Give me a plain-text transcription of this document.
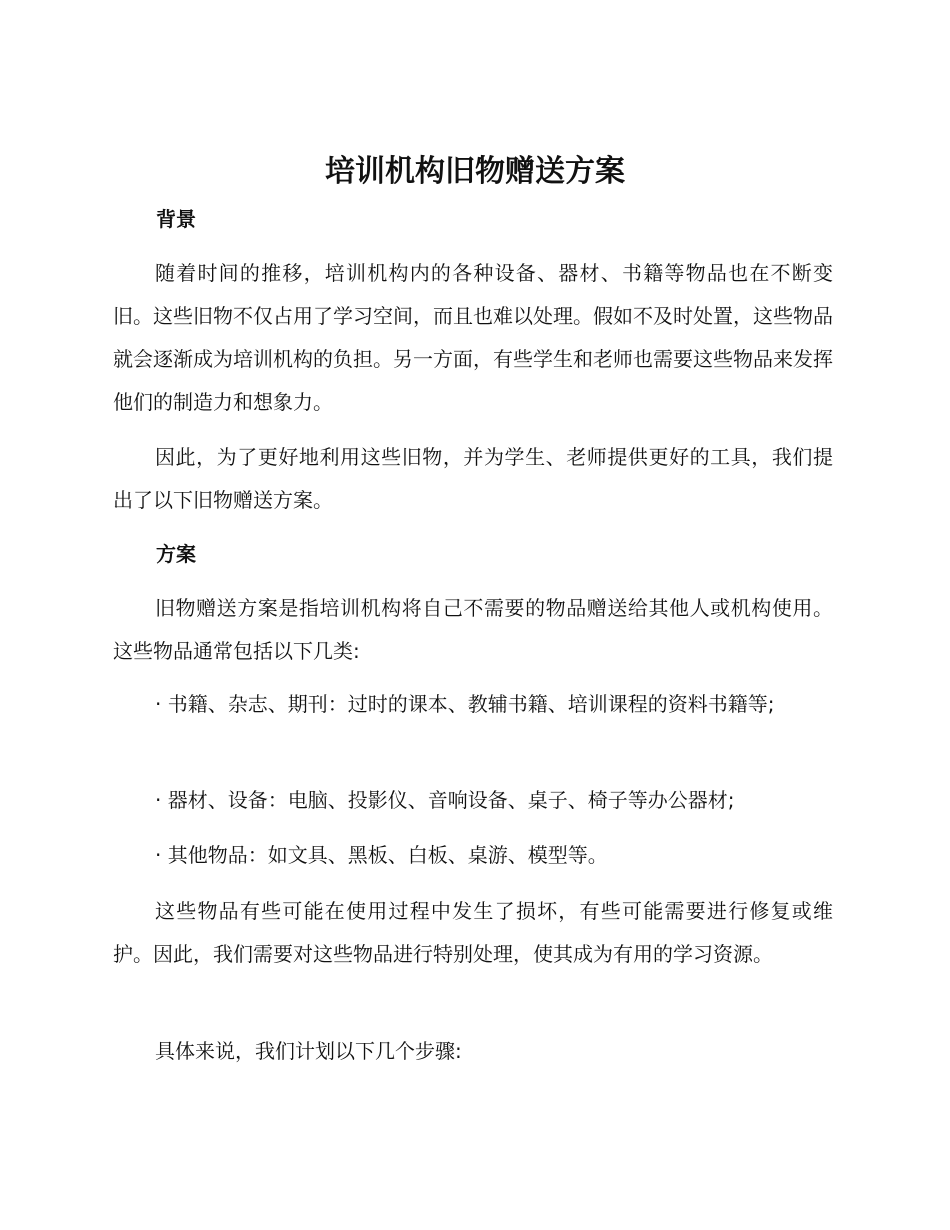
培训机构旧物赠送方案
背景

随着时间的推移，培训机构内的各种设备、器材、书籍等物品也在不断变旧。这些旧物不仅占用了学习空间，而且也难以处理。假如不及时处置，这些物品就会逐渐成为培训机构的负担。另一方面，有些学生和老师也需要这些物品来发挥他们的制造力和想象力。

因此，为了更好地利用这些旧物，并为学生、老师提供更好的工具，我们提出了以下旧物赠送方案。

方案

旧物赠送方案是指培训机构将自己不需要的物品赠送给其他人或机构使用。这些物品通常包括以下几类:

· 书籍、杂志、期刊：过时的课本、教辅书籍、培训课程的资料书籍等;

· 器材、设备：电脑、投影仪、音响设备、桌子、椅子等办公器材;

· 其他物品：如文具、黑板、白板、桌游、模型等。

这些物品有些可能在使用过程中发生了损坏，有些可能需要进行修复或维护。因此，我们需要对这些物品进行特别处理，使其成为有用的学习资源。

具体来说，我们计划以下几个步骤:
